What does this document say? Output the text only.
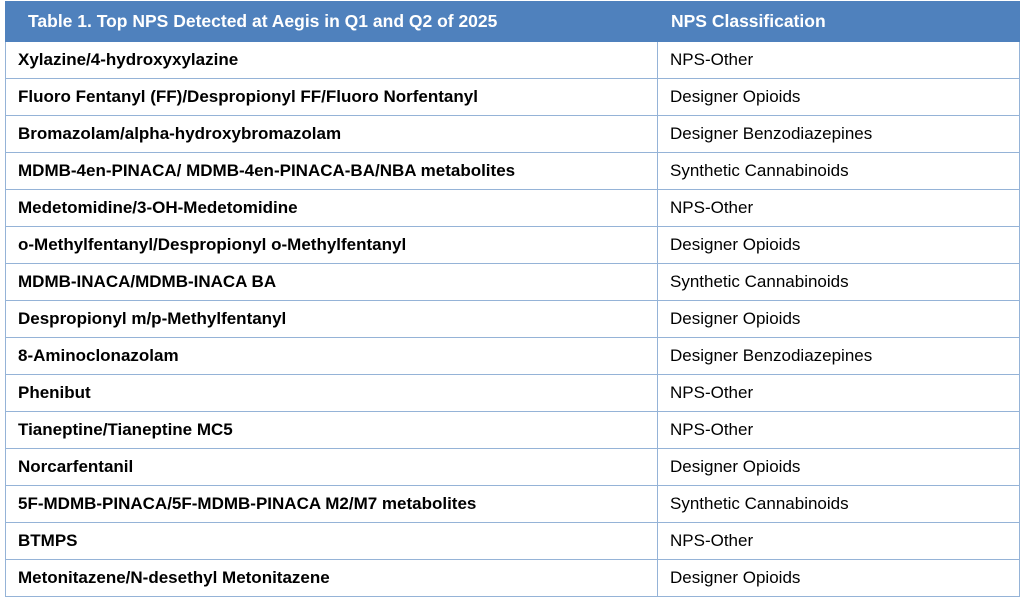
Table 1. Top NPS Detected at Aegis in Q1 and Q2 of 2025	NPS Classification
Xylazine/4-hydroxyxylazine	NPS-Other
Fluoro Fentanyl (FF)/Despropionyl FF/Fluoro Norfentanyl	Designer Opioids
Bromazolam/alpha-hydroxybromazolam	Designer Benzodiazepines
MDMB-4en-PINACA/ MDMB-4en-PINACA-BA/NBA metabolites	Synthetic Cannabinoids
Medetomidine/3-OH-Medetomidine	NPS-Other
o-Methylfentanyl/Despropionyl o-Methylfentanyl	Designer Opioids
MDMB-INACA/MDMB-INACA BA	Synthetic Cannabinoids
Despropionyl m/p-Methylfentanyl	Designer Opioids
8-Aminoclonazolam	Designer Benzodiazepines
Phenibut	NPS-Other
Tianeptine/Tianeptine MC5	NPS-Other
Norcarfentanil	Designer Opioids
5F-MDMB-PINACA/5F-MDMB-PINACA M2/M7 metabolites	Synthetic Cannabinoids
BTMPS	NPS-Other
Metonitazene/N-desethyl Metonitazene	Designer Opioids
